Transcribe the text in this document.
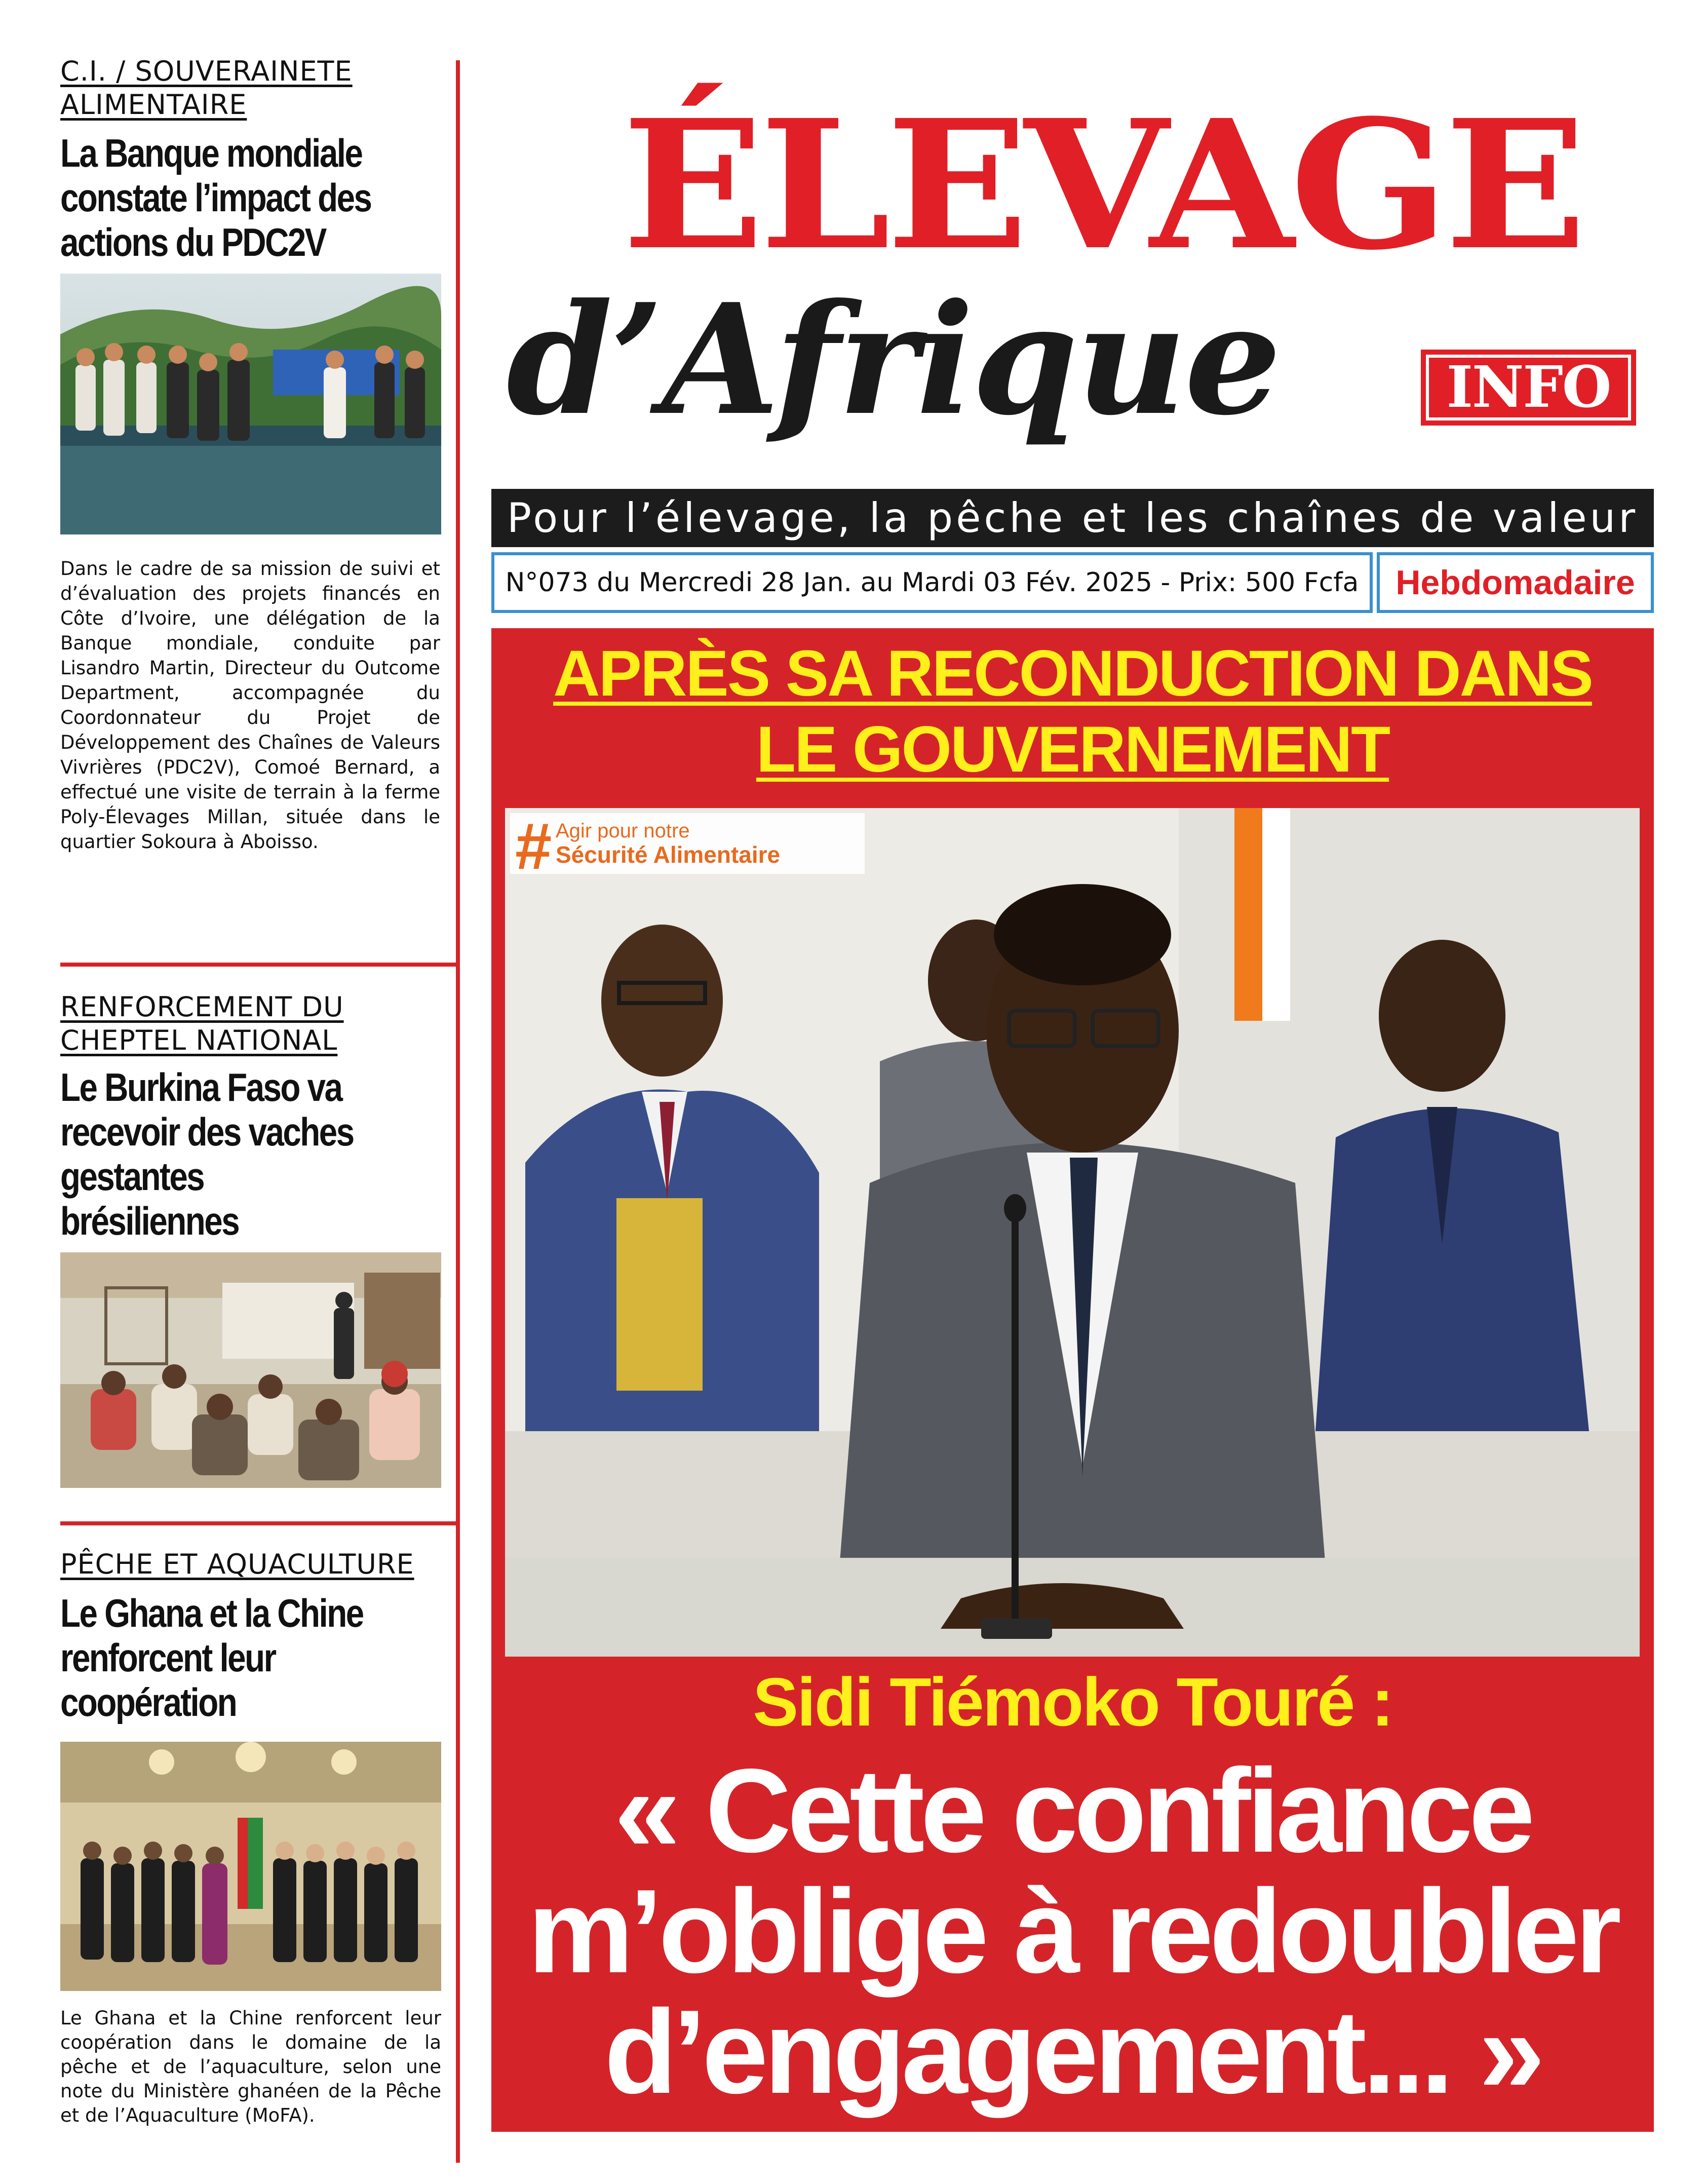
C.I. / SOUVERAINETE ALIMENTAIRE
La Banque mondiale constate l’impact des actions du PDC2V
Dans le cadre de sa mission de suivi et d’évaluation des projets financés en Côte d’Ivoire, une délégation de la Banque mondiale, conduite par Lisandro Martin, Directeur du Outcome Department, accompagnée du Coordonnateur du Projet de Développement des Chaînes de Valeurs Vivrières (PDC2V), Comoé Bernard, a effectué une visite de terrain à la ferme Poly-Élevages Millan, située dans le quartier Sokoura à Aboisso.
RENFORCEMENT DU CHEPTEL NATIONAL
Le Burkina Faso va recevoir des vaches gestantes brésiliennes
PÊCHE ET AQUACULTURE
Le Ghana et la Chine renforcent leur coopération
Le Ghana et la Chine renforcent leur coopération dans le domaine de la pêche et de l’aquaculture, selon une note du Ministère ghanéen de la Pêche et de l’Aquaculture (MoFA).
ÉLEVAGE
d’Afrique	INFO
Pour l’élevage, la pêche et les chaînes de valeur
N°073 du Mercredi 28 Jan. au Mardi 03 Fév. 2025 - Prix: 500 Fcfa	Hebdomadaire
APRÈS SA RECONDUCTION DANS
LE GOUVERNEMENT
# Agir pour notre
Sécurité Alimentaire
Sidi Tiémoko Touré :
« Cette confiance m’oblige à redoubler d’engagement... »
